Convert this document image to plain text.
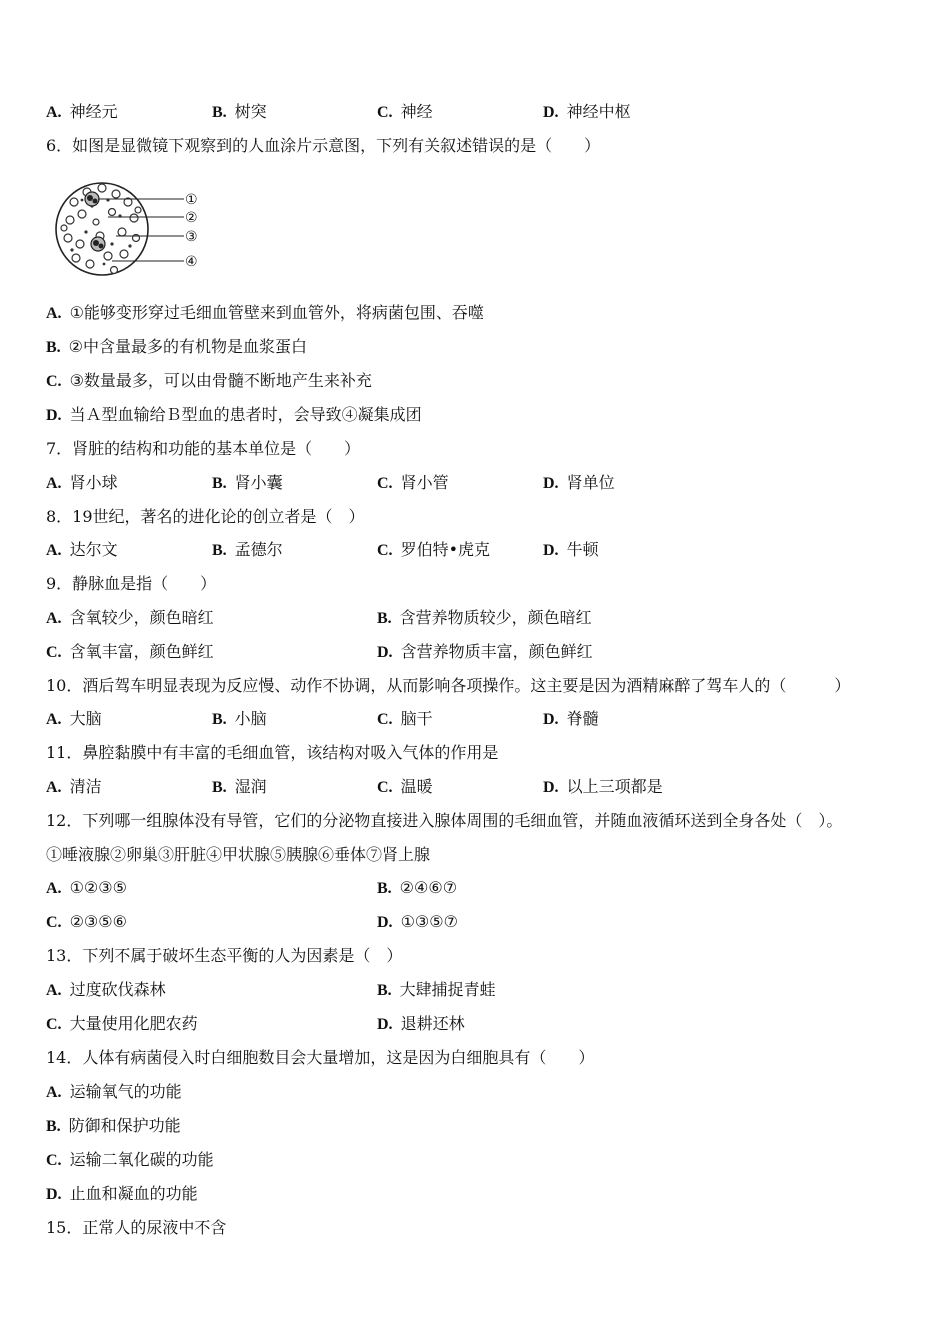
A. 神经元	B. 树突	C. 神经	D. 神经中枢
6．如图是显微镜下观察到的人血涂片示意图，下列有关叙述错误的是（　　）
①
②
③
④
A. ①能够变形穿过毛细血管壁来到血管外，将病菌包围、吞噬
B. ②中含量最多的有机物是血浆蛋白
C. ③数量最多，可以由骨髓不断地产生来补充
D. 当Ａ型血输给Ｂ型血的患者时，会导致④凝集成团
7．肾脏的结构和功能的基本单位是（　　）
A. 肾小球	B. 肾小囊	C. 肾小管	D. 肾单位
8．19世纪，著名的进化论的创立者是（　）
A. 达尔文	B. 孟德尔	C. 罗伯特•虎克	D. 牛顿
9．静脉血是指（　　）
A. 含氧较少，颜色暗红	B. 含营养物质较少，颜色暗红
C. 含氧丰富，颜色鲜红	D. 含营养物质丰富，颜色鲜红
10．酒后驾车明显表现为反应慢、动作不协调，从而影响各项操作。这主要是因为酒精麻醉了驾车人的（　　　）
A. 大脑	B. 小脑	C. 脑干	D. 脊髓
11．鼻腔黏膜中有丰富的毛细血管，该结构对吸入气体的作用是
A. 清洁	B. 湿润	C. 温暖	D. 以上三项都是
12．下列哪一组腺体没有导管，它们的分泌物直接进入腺体周围的毛细血管，并随血液循环送到全身各处（　）。
①唾液腺②卵巢③肝脏④甲状腺⑤胰腺⑥垂体⑦肾上腺
A. ①②③⑤	B. ②④⑥⑦
C. ②③⑤⑥	D. ①③⑤⑦
13．下列不属于破坏生态平衡的人为因素是（　）
A. 过度砍伐森林	B. 大肆捕捉青蛙
C. 大量使用化肥农药	D. 退耕还林
14．人体有病菌侵入时白细胞数目会大量增加，这是因为白细胞具有（　　）
A. 运输氧气的功能
B. 防御和保护功能
C. 运输二氧化碳的功能
D. 止血和凝血的功能
15．正常人的尿液中不含
